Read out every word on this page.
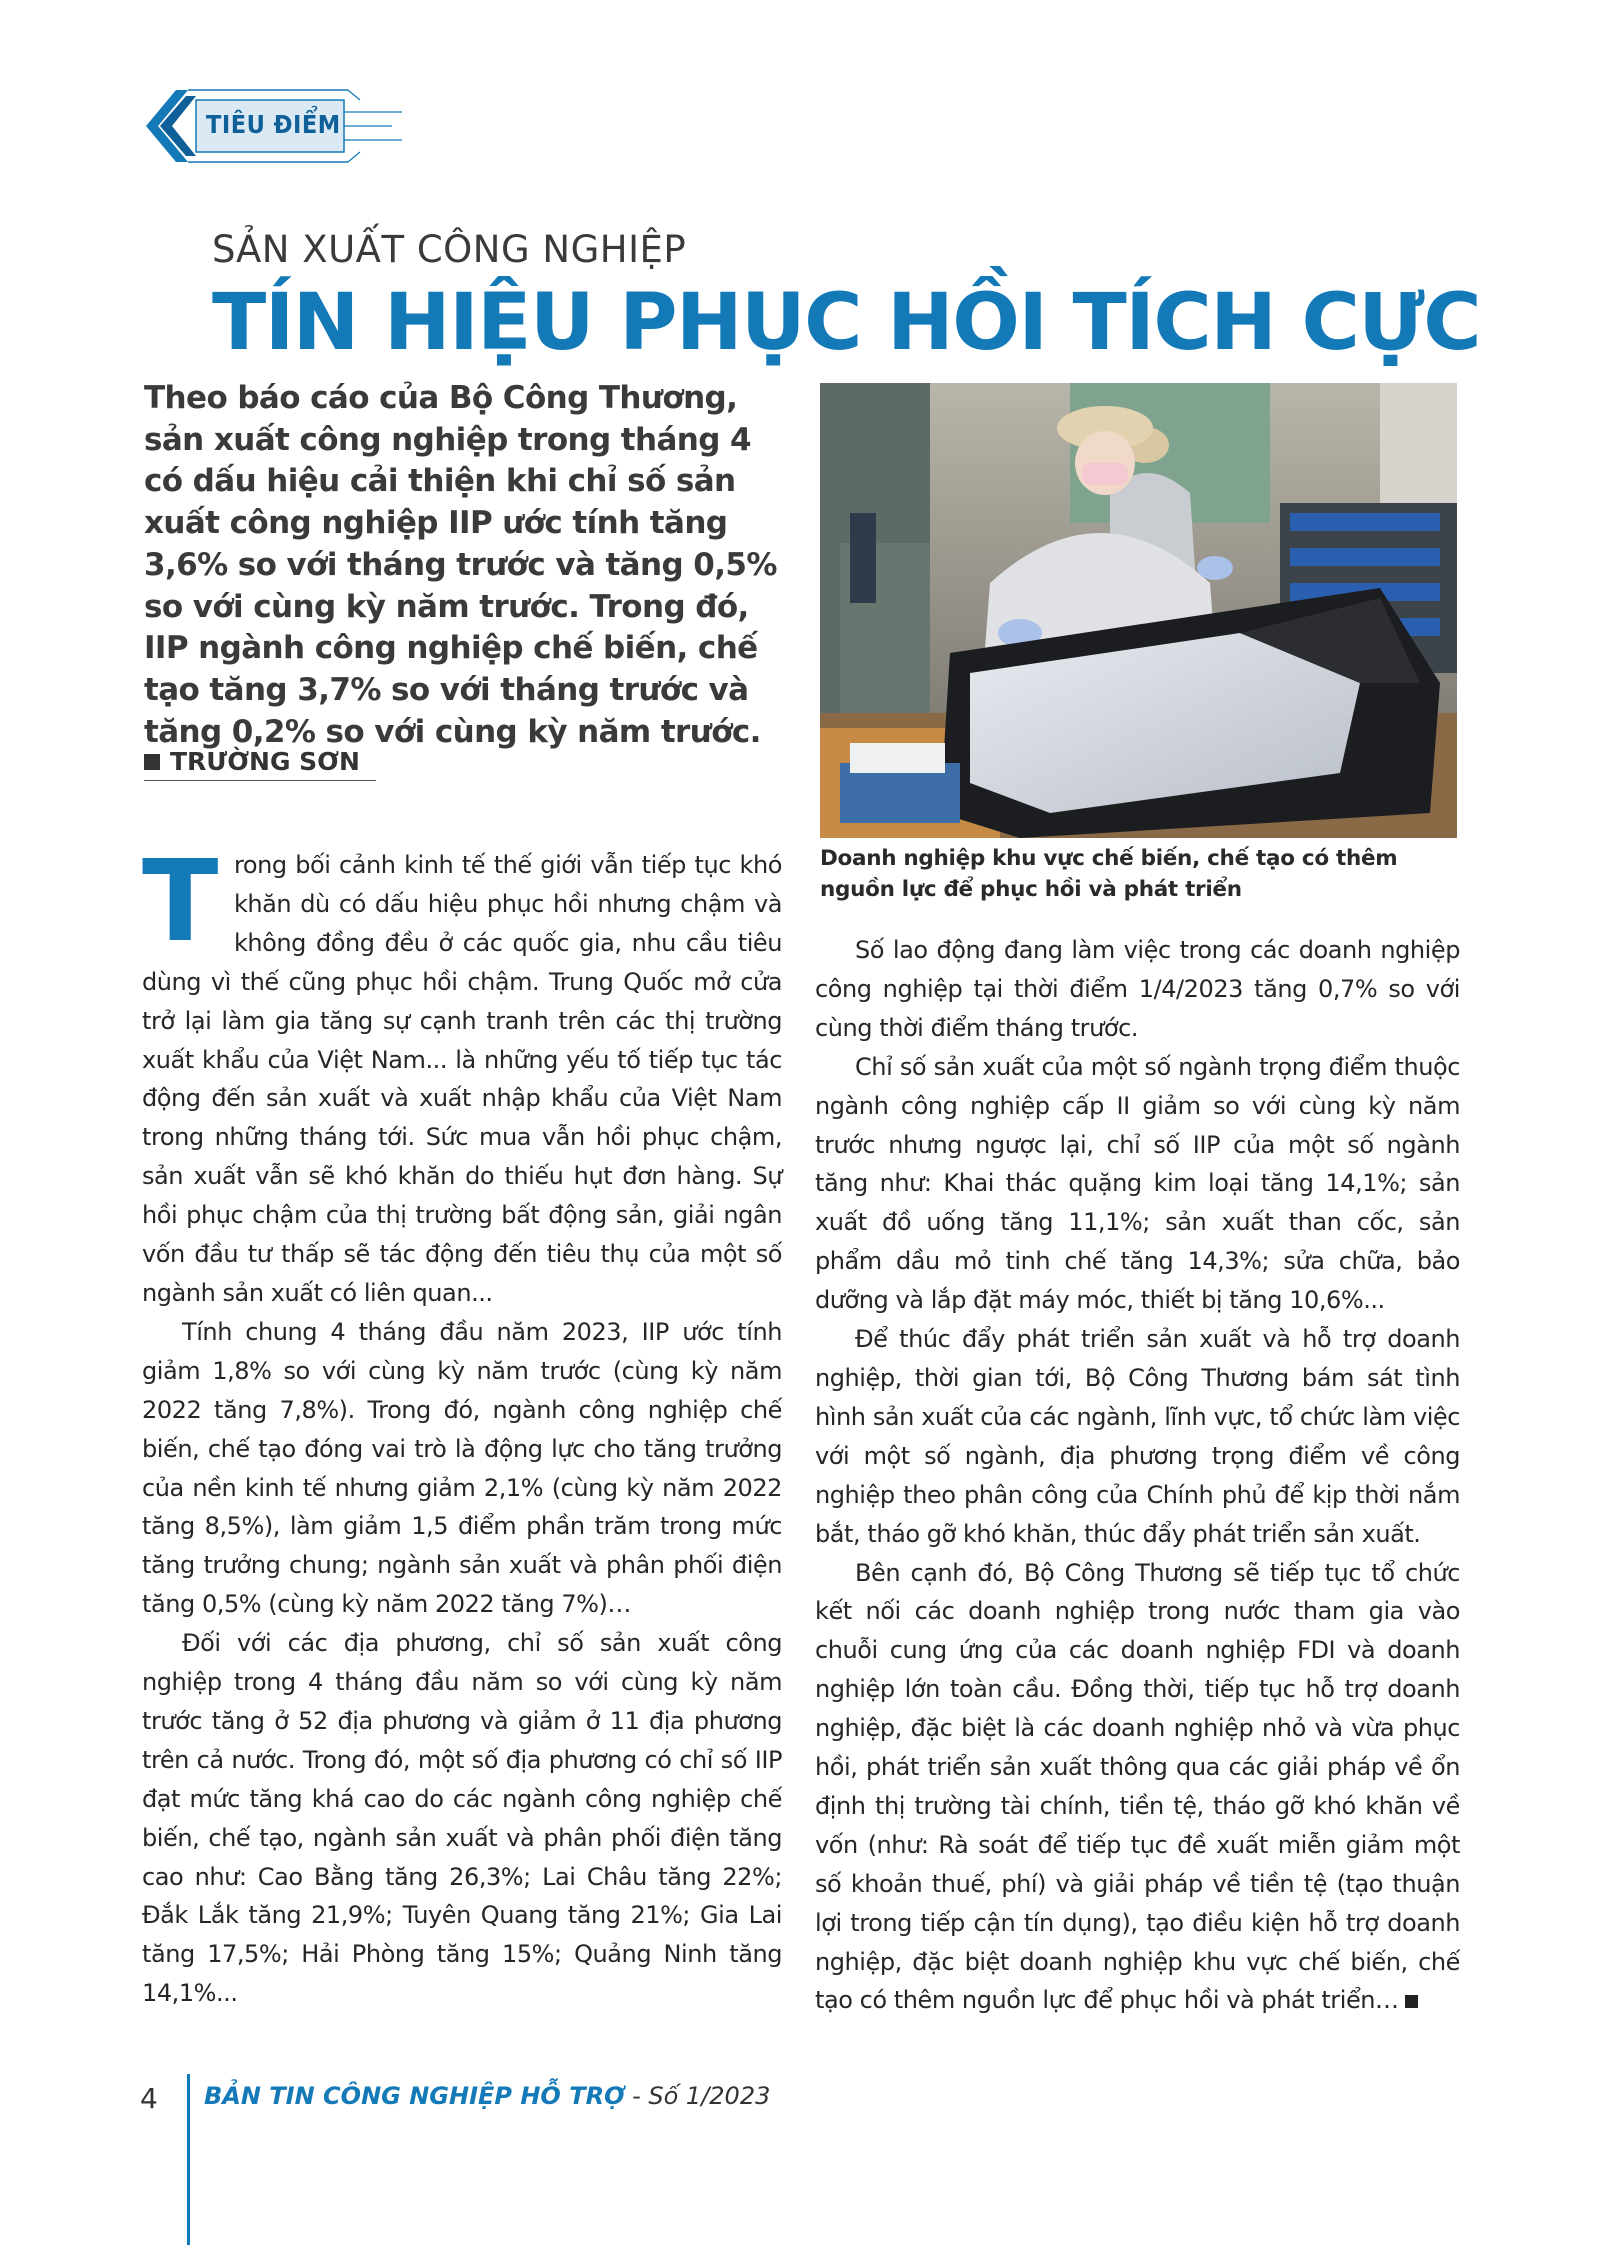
TIÊU ĐIỂM
SẢN XUẤT CÔNG NGHIỆP
TÍN HIỆU PHỤC HỒI TÍCH CỰC
Theo báo cáo của Bộ Công Thương, sản xuất công nghiệp trong tháng 4 có dấu hiệu cải thiện khi chỉ số sản xuất công nghiệp IIP ước tính tăng 3,6% so với tháng trước và tăng 0,5% so với cùng kỳ năm trước. Trong đó, IIP ngành công nghiệp chế biến, chế tạo tăng 3,7% so với tháng trước và tăng 0,2% so với cùng kỳ năm trước.
TRƯỜNG SƠN
Doanh nghiệp khu vực chế biến, chế tạo có thêm nguồn lực để phục hồi và phát triển

Trong bối cảnh kinh tế thế giới vẫn tiếp tục khó khăn dù có dấu hiệu phục hồi nhưng chậm và không đồng đều ở các quốc gia, nhu cầu tiêu dùng vì thế cũng phục hồi chậm. Trung Quốc mở cửa trở lại làm gia tăng sự cạnh tranh trên các thị trường xuất khẩu của Việt Nam... là những yếu tố tiếp tục tác động đến sản xuất và xuất nhập khẩu của Việt Nam trong những tháng tới. Sức mua vẫn hồi phục chậm, sản xuất vẫn sẽ khó khăn do thiếu hụt đơn hàng. Sự hồi phục chậm của thị trường bất động sản, giải ngân vốn đầu tư thấp sẽ tác động đến tiêu thụ của một số ngành sản xuất có liên quan...

Tính chung 4 tháng đầu năm 2023, IIP ước tính giảm 1,8% so với cùng kỳ năm trước (cùng kỳ năm 2022 tăng 7,8%). Trong đó, ngành công nghiệp chế biến, chế tạo đóng vai trò là động lực cho tăng trưởng của nền kinh tế nhưng giảm 2,1% (cùng kỳ năm 2022 tăng 8,5%), làm giảm 1,5 điểm phần trăm trong mức tăng trưởng chung; ngành sản xuất và phân phối điện tăng 0,5% (cùng kỳ năm 2022 tăng 7%)…

Đối với các địa phương, chỉ số sản xuất công nghiệp trong 4 tháng đầu năm so với cùng kỳ năm trước tăng ở 52 địa phương và giảm ở 11 địa phương trên cả nước. Trong đó, một số địa phương có chỉ số IIP đạt mức tăng khá cao do các ngành công nghiệp chế biến, chế tạo, ngành sản xuất và phân phối điện tăng cao như: Cao Bằng tăng 26,3%; Lai Châu tăng 22%; Đắk Lắk tăng 21,9%; Tuyên Quang tăng 21%; Gia Lai tăng 17,5%; Hải Phòng tăng 15%; Quảng Ninh tăng 14,1%...

Số lao động đang làm việc trong các doanh nghiệp công nghiệp tại thời điểm 1/4/2023 tăng 0,7% so với cùng thời điểm tháng trước.

Chỉ số sản xuất của một số ngành trọng điểm thuộc ngành công nghiệp cấp II giảm so với cùng kỳ năm trước nhưng ngược lại, chỉ số IIP của một số ngành tăng như: Khai thác quặng kim loại tăng 14,1%; sản xuất đồ uống tăng 11,1%; sản xuất than cốc, sản phẩm dầu mỏ tinh chế tăng 14,3%; sửa chữa, bảo dưỡng và lắp đặt máy móc, thiết bị tăng 10,6%...

Để thúc đẩy phát triển sản xuất và hỗ trợ doanh nghiệp, thời gian tới, Bộ Công Thương bám sát tình hình sản xuất của các ngành, lĩnh vực, tổ chức làm việc với một số ngành, địa phương trọng điểm về công nghiệp theo phân công của Chính phủ để kịp thời nắm bắt, tháo gỡ khó khăn, thúc đẩy phát triển sản xuất.

Bên cạnh đó, Bộ Công Thương sẽ tiếp tục tổ chức kết nối các doanh nghiệp trong nước tham gia vào chuỗi cung ứng của các doanh nghiệp FDI và doanh nghiệp lớn toàn cầu. Đồng thời, tiếp tục hỗ trợ doanh nghiệp, đặc biệt là các doanh nghiệp nhỏ và vừa phục hồi, phát triển sản xuất thông qua các giải pháp về ổn định thị trường tài chính, tiền tệ, tháo gỡ khó khăn về vốn (như: Rà soát để tiếp tục đề xuất miễn giảm một số khoản thuế, phí) và giải pháp về tiền tệ (tạo thuận lợi trong tiếp cận tín dụng), tạo điều kiện hỗ trợ doanh nghiệp, đặc biệt doanh nghiệp khu vực chế biến, chế tạo có thêm nguồn lực để phục hồi và phát triển…

4 BẢN TIN CÔNG NGHIỆP HỖ TRỢ - Số 1/2023
